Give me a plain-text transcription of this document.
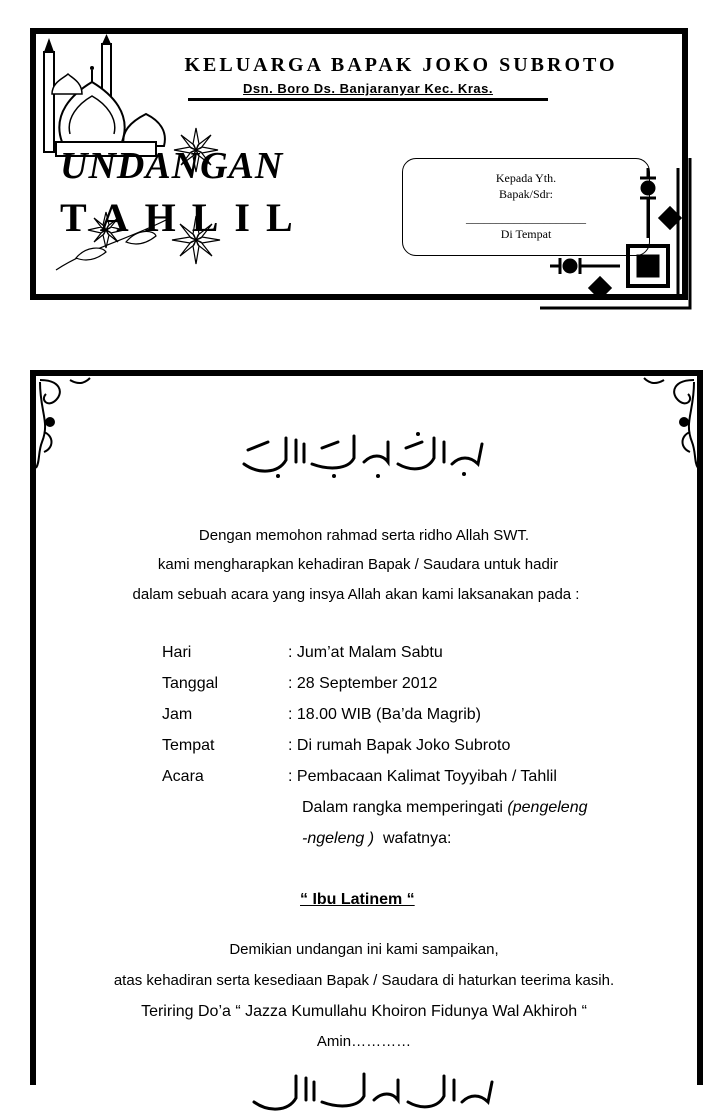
KELUARGA BAPAK JOKO SUBROTO
Dsn. Boro Ds. Banjaranyar Kec. Kras.
UNDANGAN
TAHLIL
Kepada Yth.
Bapak/Sdr:
____________________
Di Tempat
Dengan memohon rahmad serta ridho Allah SWT.
kami mengharapkan kehadiran Bapak / Saudara untuk hadir
dalam sebuah acara yang insya Allah akan kami laksanakan pada :
Hari	: Jum’at Malam Sabtu
Tanggal	: 28 September 2012
Jam	: 18.00 WIB (Ba’da Magrib)
Tempat	: Di rumah Bapak Joko Subroto
Acara	: Pembacaan Kalimat Toyyibah / Tahlil
Dalam rangka memperingati (pengeleng
-ngeleng )  wafatnya:
“ Ibu Latinem “
Demikian undangan ini kami sampaikan,
atas kehadiran serta kesediaan Bapak / Saudara di haturkan teerima kasih.
Teriring Do’a “ Jazza Kumullahu Khoiron Fidunya Wal Akhiroh “
Amin…………
